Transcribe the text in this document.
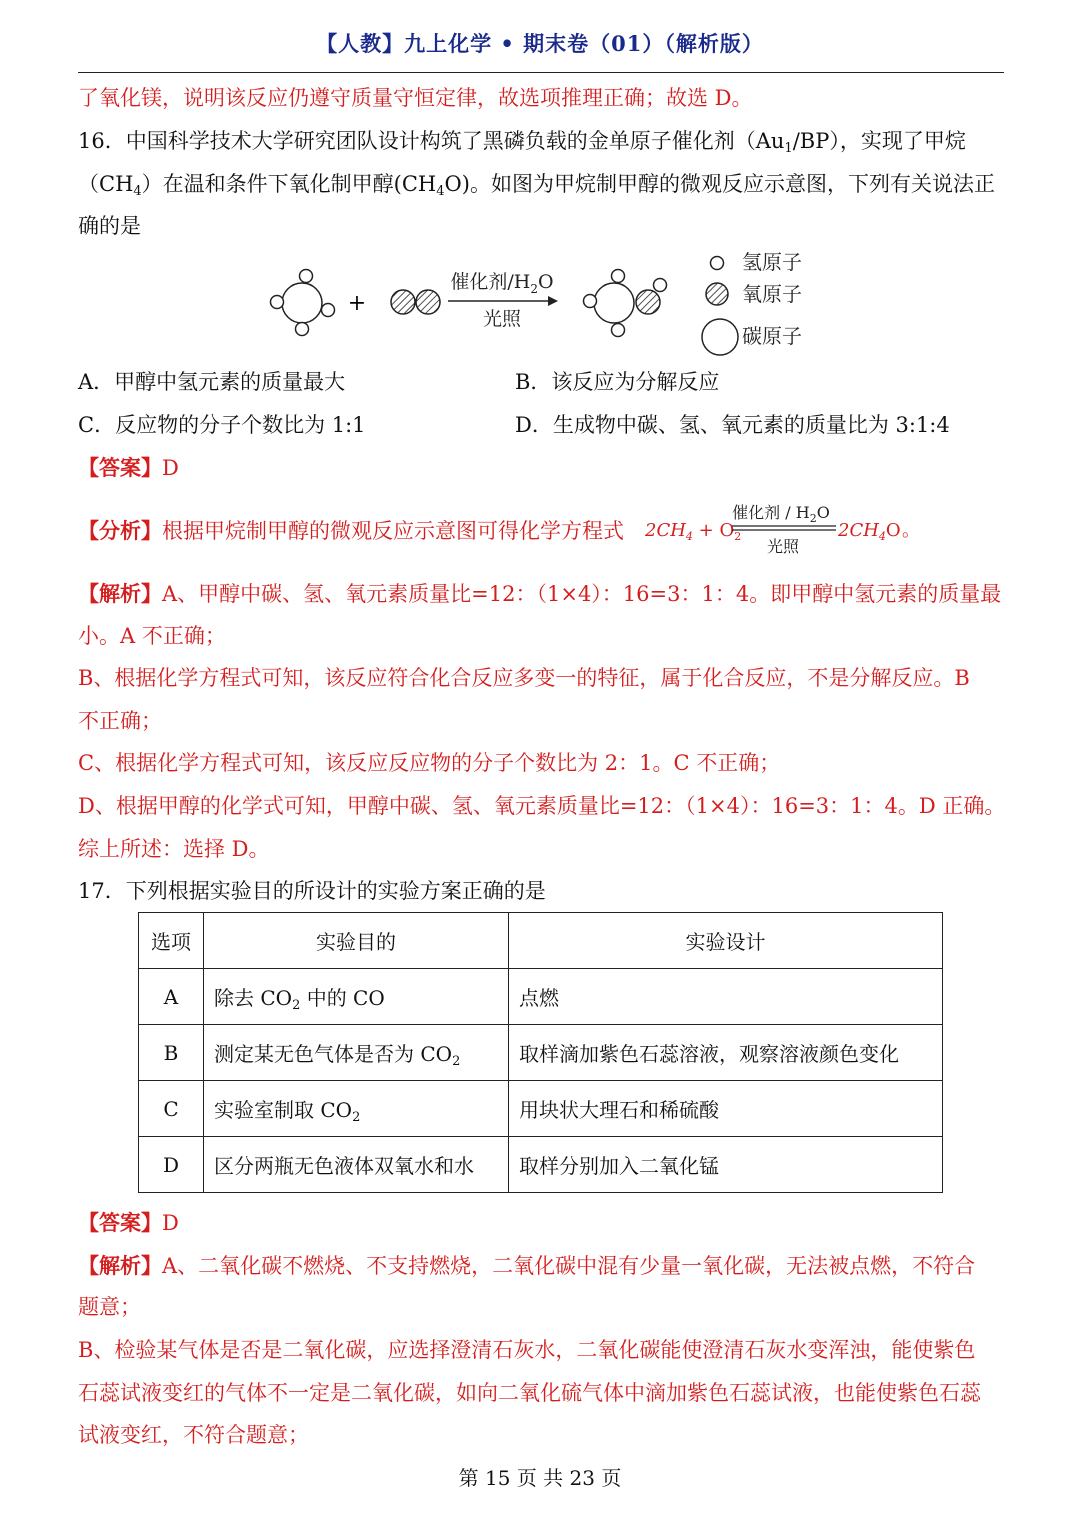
【人教】九上化学 • 期末卷（01）（解析版）
了氧化镁，说明该反应仍遵守质量守恒定律，故选项推理正确；故选 D。
16．中国科学技术大学研究团队设计构筑了黑磷负载的金单原子催化剂$(Au_1/BP)$，实现了甲烷
$(CH_4)$在温和条件下氧化制甲醇$(CH_4O)$。如图为甲烷制甲醇的微观反应示意图，下列有关说法正
确的是
+
催化剂$/H_2O$
光照
氢原子
氧原子
碳原子
A．甲醇中氢元素的质量最大	B．该反应为分解反应
C．反应物的分子个数比为 1:1	D．生成物中碳、氢、氧元素的质量比为 3:1:4
【答案】D
【分析】根据甲烷制甲醇的微观反应示意图可得化学方程式 $2CH_4 + O_2$
催化剂 / $H_2O$
光照
$2CH_4O$ 。
【解析】A、甲醇中碳、氢、氧元素质量比=12：（1×4）：16=3：1：4。即甲醇中氢元素的质量最
小。A 不正确；
B、根据化学方程式可知，该反应符合化合反应多变一的特征，属于化合反应，不是分解反应。B
不正确；
C、根据化学方程式可知，该反应反应物的分子个数比为 2：1。C 不正确；
D、根据甲醇的化学式可知，甲醇中碳、氢、氧元素质量比=12：（1×4）：16=3：1：4。D 正确。
综上所述：选择 D。
17．下列根据实验目的所设计的实验方案正确的是
选项	实验目的	实验设计
A	除去 $CO_2$ 中的 CO	点燃
B	测定某无色气体是否为 $CO_2$	取样滴加紫色石蕊溶液，观察溶液颜色变化
C	实验室制取 $CO_2$	用块状大理石和稀硫酸
D	区分两瓶无色液体双氧水和水	取样分别加入二氧化锰
【答案】D
【解析】A、二氧化碳不燃烧、不支持燃烧，二氧化碳中混有少量一氧化碳，无法被点燃，不符合
题意；
B、检验某气体是否是二氧化碳，应选择澄清石灰水，二氧化碳能使澄清石灰水变浑浊，能使紫色
石蕊试液变红的气体不一定是二氧化碳，如向二氧化硫气体中滴加紫色石蕊试液，也能使紫色石蕊
试液变红，不符合题意；
第 15 页 共 23 页
